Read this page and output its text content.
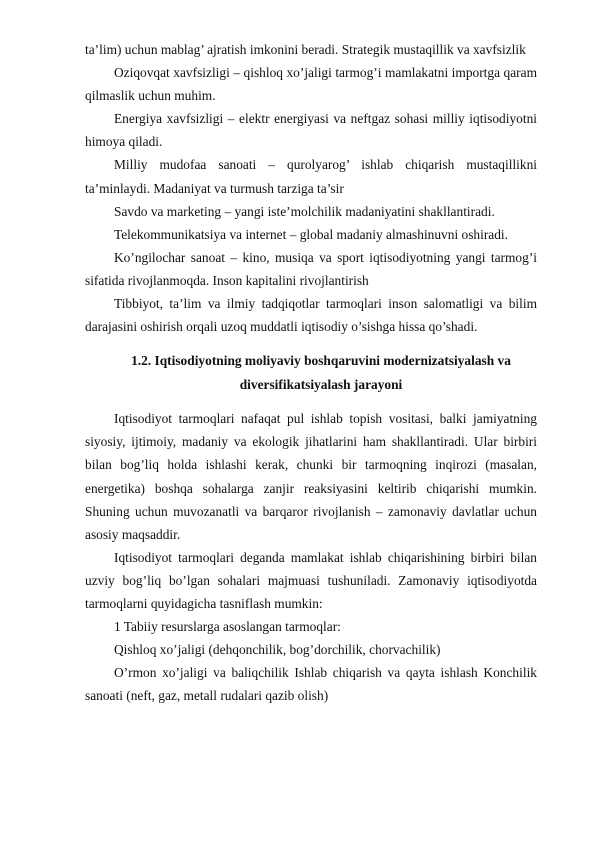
ta’lim) uchun mablag’ ajratish imkonini beradi. Strategik mustaqillik va xavfsizlik

Oziqovqat xavfsizligi – qishloq xo’jaligi tarmog’i mamlakatni importga qaram qilmaslik uchun muhim.

Energiya xavfsizligi – elektr energiyasi va neftgaz sohasi milliy iqtisodiyotni himoya qiladi.

Milliy mudofaa sanoati – qurolyarog’ ishlab chiqarish mustaqillikni ta’minlaydi. Madaniyat va turmush tarziga ta’sir

Savdo va marketing – yangi iste’molchilik madaniyatini shakllantiradi.

Telekommunikatsiya va internet – global madaniy almashinuvni oshiradi.

Ko’ngilochar sanoat – kino, musiqa va sport iqtisodiyotning yangi tarmog’i sifatida rivojlanmoqda. Inson kapitalini rivojlantirish

Tibbiyot, ta’lim va ilmiy tadqiqotlar tarmoqlari inson salomatligi va bilim darajasini oshirish orqali uzoq muddatli iqtisodiy o’sishga hissa qo’shadi.

1.2. Iqtisodiyotning moliyaviy boshqaruvini modernizatsiyalash va diversifikatsiyalash jarayoni

Iqtisodiyot tarmoqlari nafaqat pul ishlab topish vositasi, balki jamiyatning siyosiy, ijtimoiy, madaniy va ekologik jihatlarini ham shakllantiradi. Ular birbiri bilan bog’liq holda ishlashi kerak, chunki bir tarmoqning inqirozi (masalan, energetika) boshqa sohalarga zanjir reaksiyasini keltirib chiqarishi mumkin. Shuning uchun muvozanatli va barqaror rivojlanish – zamonaviy davlatlar uchun asosiy maqsaddir.

Iqtisodiyot tarmoqlari deganda mamlakat ishlab chiqarishining birbiri bilan uzviy bog’liq bo’lgan sohalari majmuasi tushuniladi. Zamonaviy iqtisodiyotda tarmoqlarni quyidagicha tasniflash mumkin:

1 Tabiiy resurslarga asoslangan tarmoqlar:

Qishloq xo’jaligi (dehqonchilik, bog’dorchilik, chorvachilik)

O’rmon xo’jaligi va baliqchilik Ishlab chiqarish va qayta ishlash Konchilik sanoati (neft, gaz, metall rudalari qazib olish)
